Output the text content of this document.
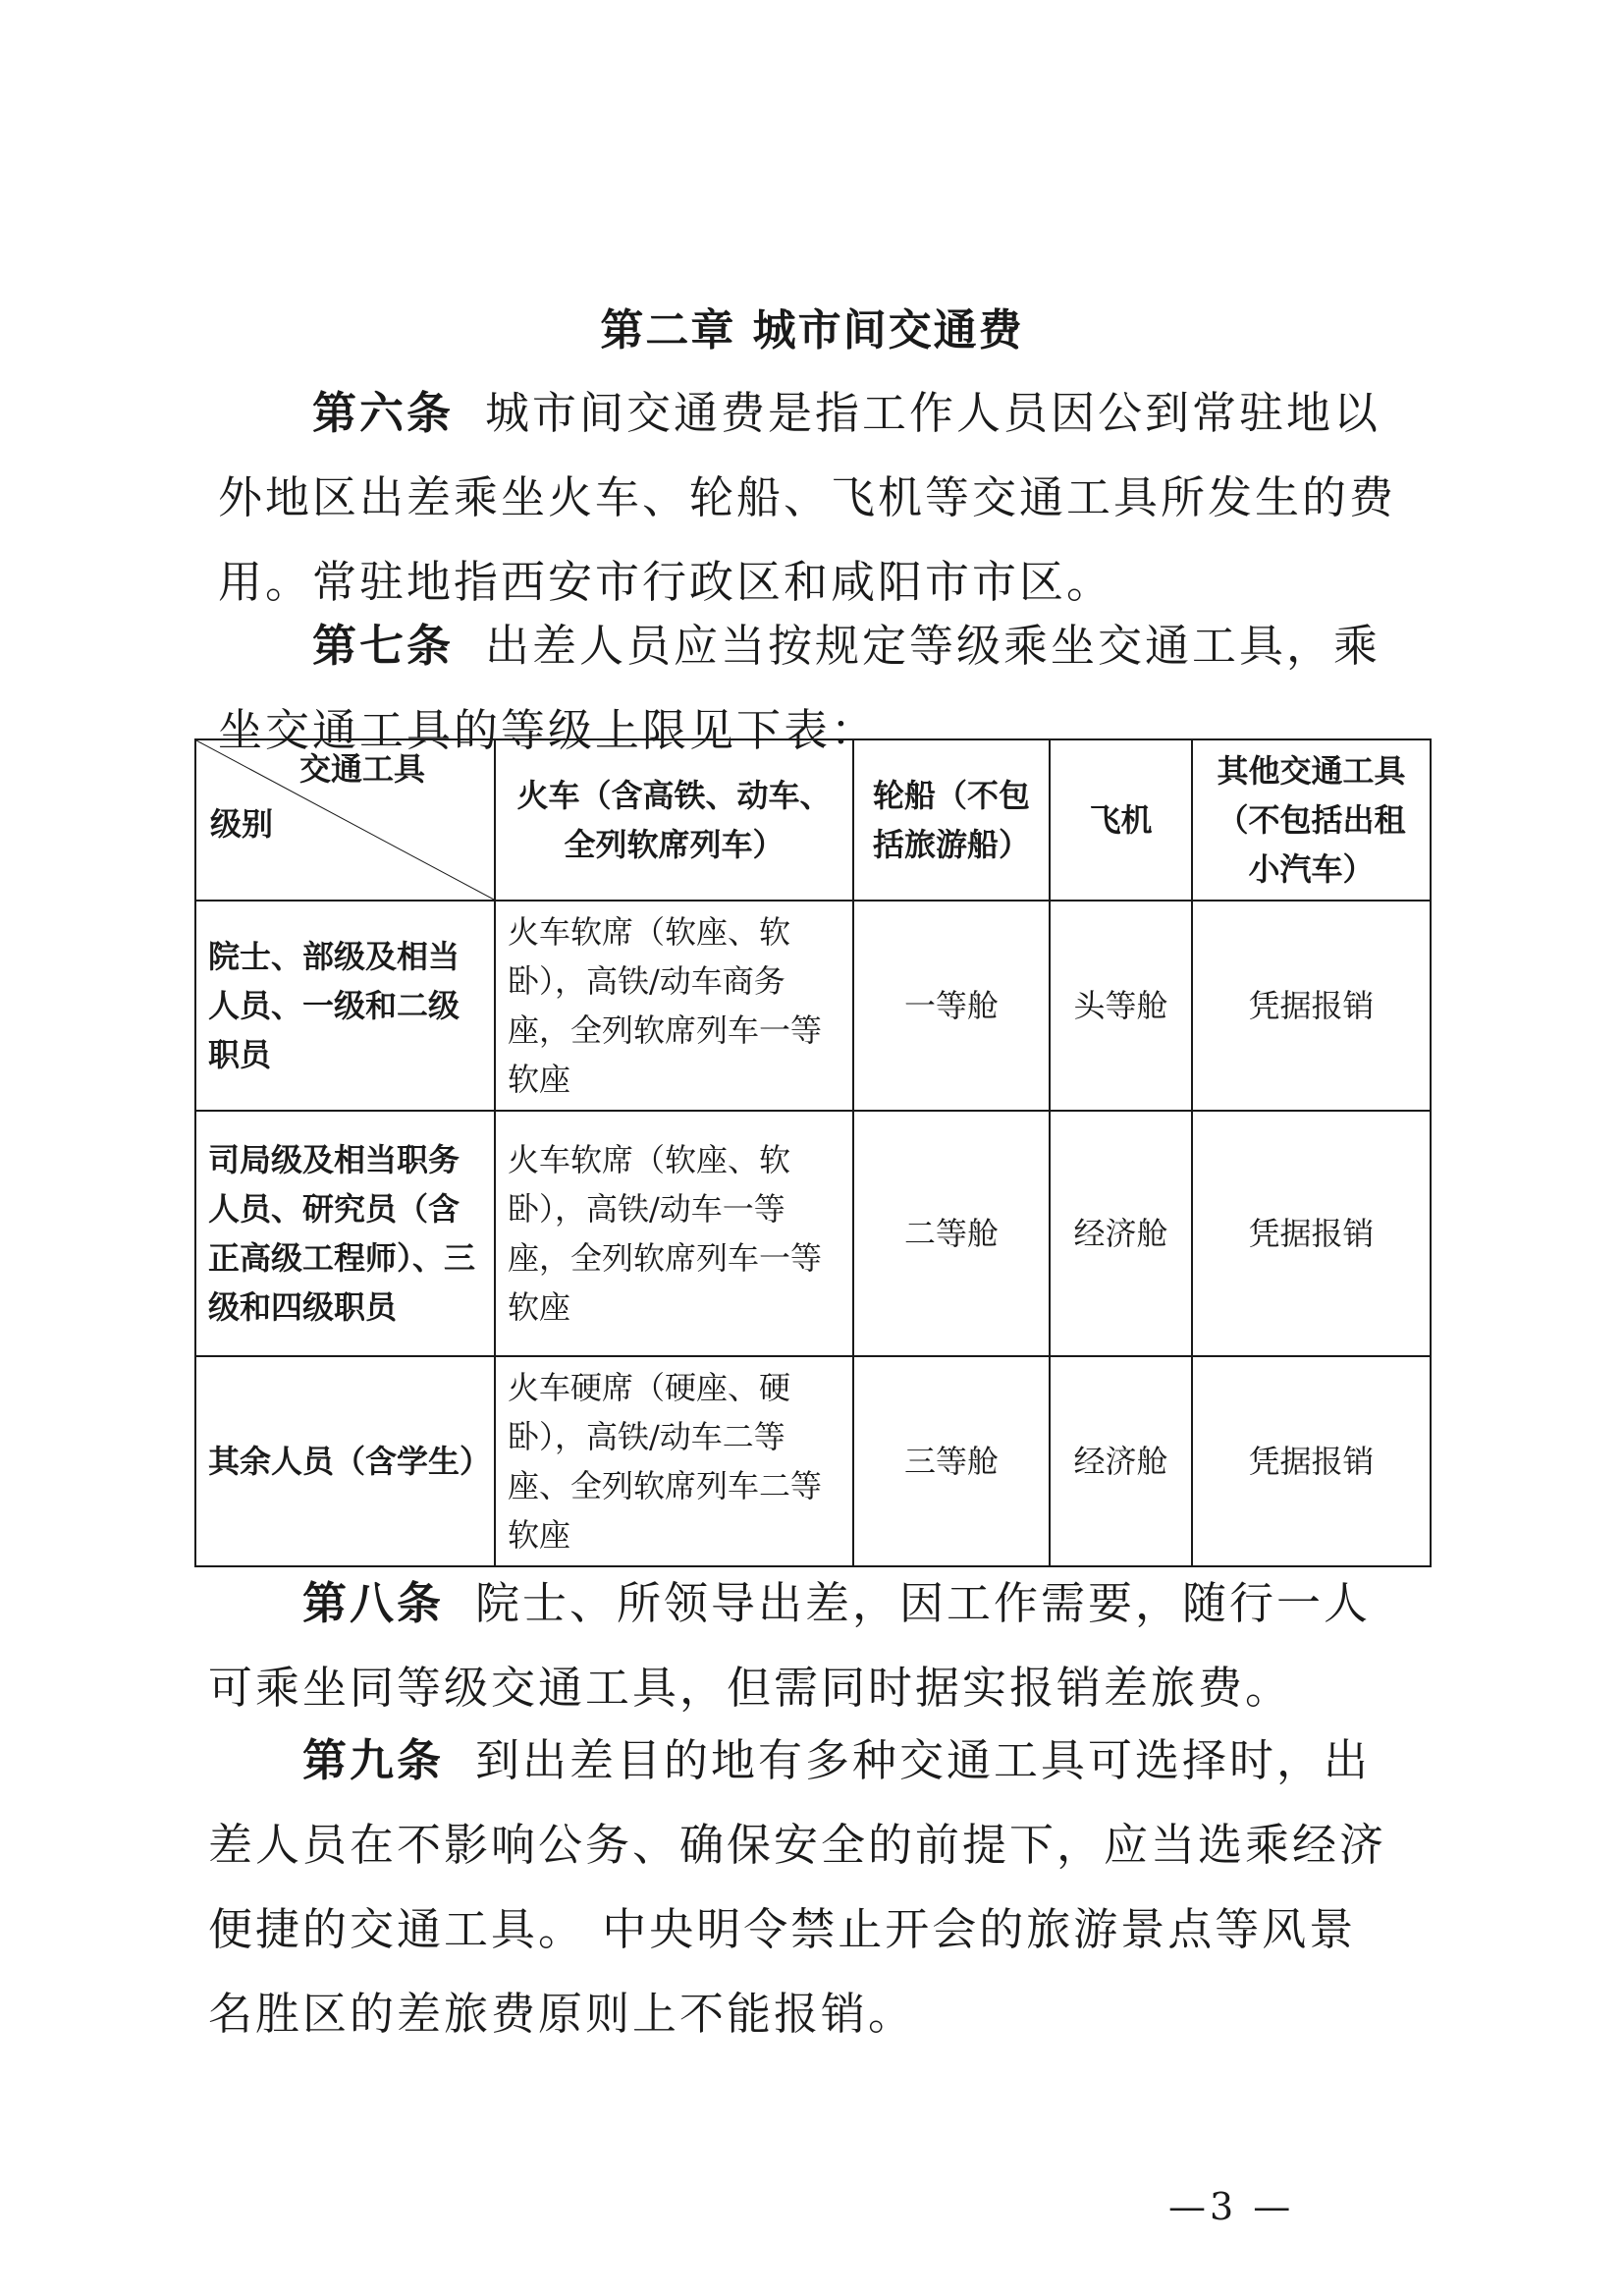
第二章 城市间交通费

第六条 城市间交通费是指工作人员因公到常驻地以外地区出差乘坐火车、轮船、飞机等交通工具所发生的费用。常驻地指西安市行政区和咸阳市市区。

第七条 出差人员应当按规定等级乘坐交通工具，乘坐交通工具的等级上限见下表：

交通工具
级别	火车（含高铁、动车、全列软席列车）	轮船（不包括旅游船）	飞机	其他交通工具（不包括出租小汽车）
院士、部级及相当人员、一级和二级职员	火车软席（软座、软卧），高铁/动车商务座，全列软席列车一等软座	一等舱	头等舱	凭据报销
司局级及相当职务人员、研究员（含正高级工程师）、三级和四级职员	火车软席（软座、软卧），高铁/动车一等座，全列软席列车一等软座	二等舱	经济舱	凭据报销
其余人员（含学生）	火车硬席（硬座、硬卧），高铁/动车二等座、全列软席列车二等软座	三等舱	经济舱	凭据报销

第八条 院士、所领导出差，因工作需要，随行一人可乘坐同等级交通工具，但需同时据实报销差旅费。

第九条 到出差目的地有多种交通工具可选择时，出差人员在不影响公务、确保安全的前提下，应当选乘经济便捷的交通工具。 中央明令禁止开会的旅游景点等风景名胜区的差旅费原则上不能报销。

—3 —
